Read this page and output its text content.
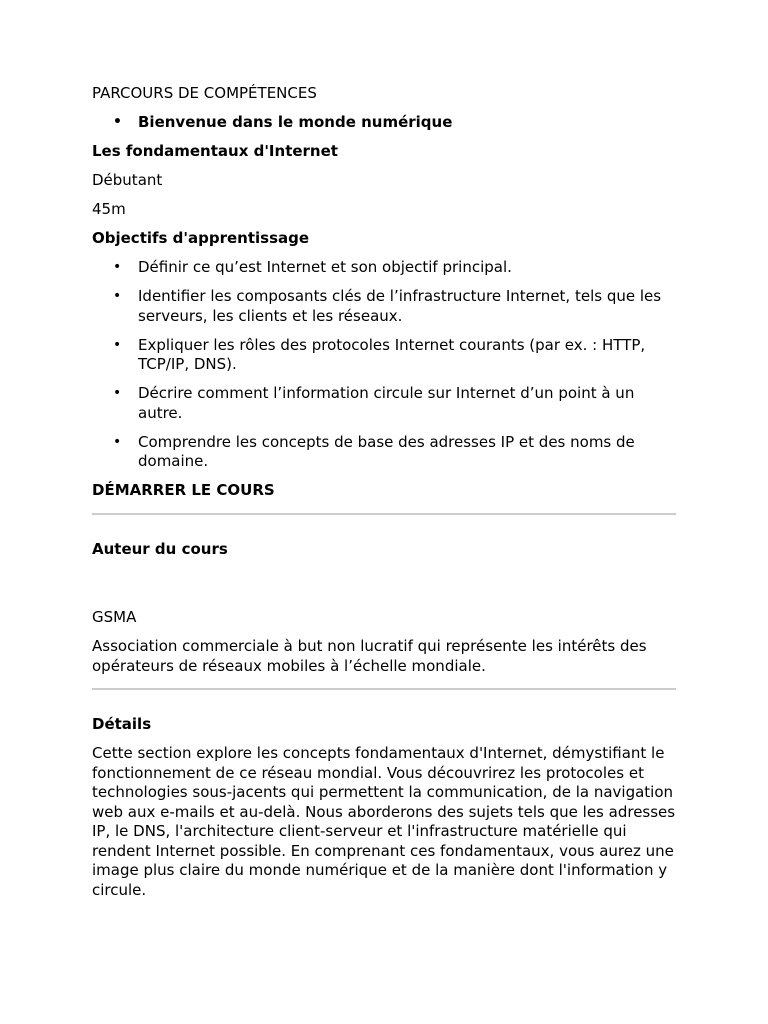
PARCOURS DE COMPÉTENCES

• Bienvenue dans le monde numérique

Les fondamentaux d'Internet

Débutant

45m

Objectifs d'apprentissage

• Définir ce qu’est Internet et son objectif principal.
• Identifier les composants clés de l’infrastructure Internet, tels que les serveurs, les clients et les réseaux.
• Expliquer les rôles des protocoles Internet courants (par ex. : HTTP, TCP/IP, DNS).
• Décrire comment l’information circule sur Internet d’un point à un autre.
• Comprendre les concepts de base des adresses IP et des noms de domaine.

DÉMARRER LE COURS

Auteur du cours

GSMA

Association commerciale à but non lucratif qui représente les intérêts des opérateurs de réseaux mobiles à l’échelle mondiale.

Détails

Cette section explore les concepts fondamentaux d'Internet, démystifiant le fonctionnement de ce réseau mondial. Vous découvrirez les protocoles et technologies sous-jacents qui permettent la communication, de la navigation web aux e-mails et au-delà. Nous aborderons des sujets tels que les adresses IP, le DNS, l'architecture client-serveur et l'infrastructure matérielle qui rendent Internet possible. En comprenant ces fondamentaux, vous aurez une image plus claire du monde numérique et de la manière dont l'information y circule.
